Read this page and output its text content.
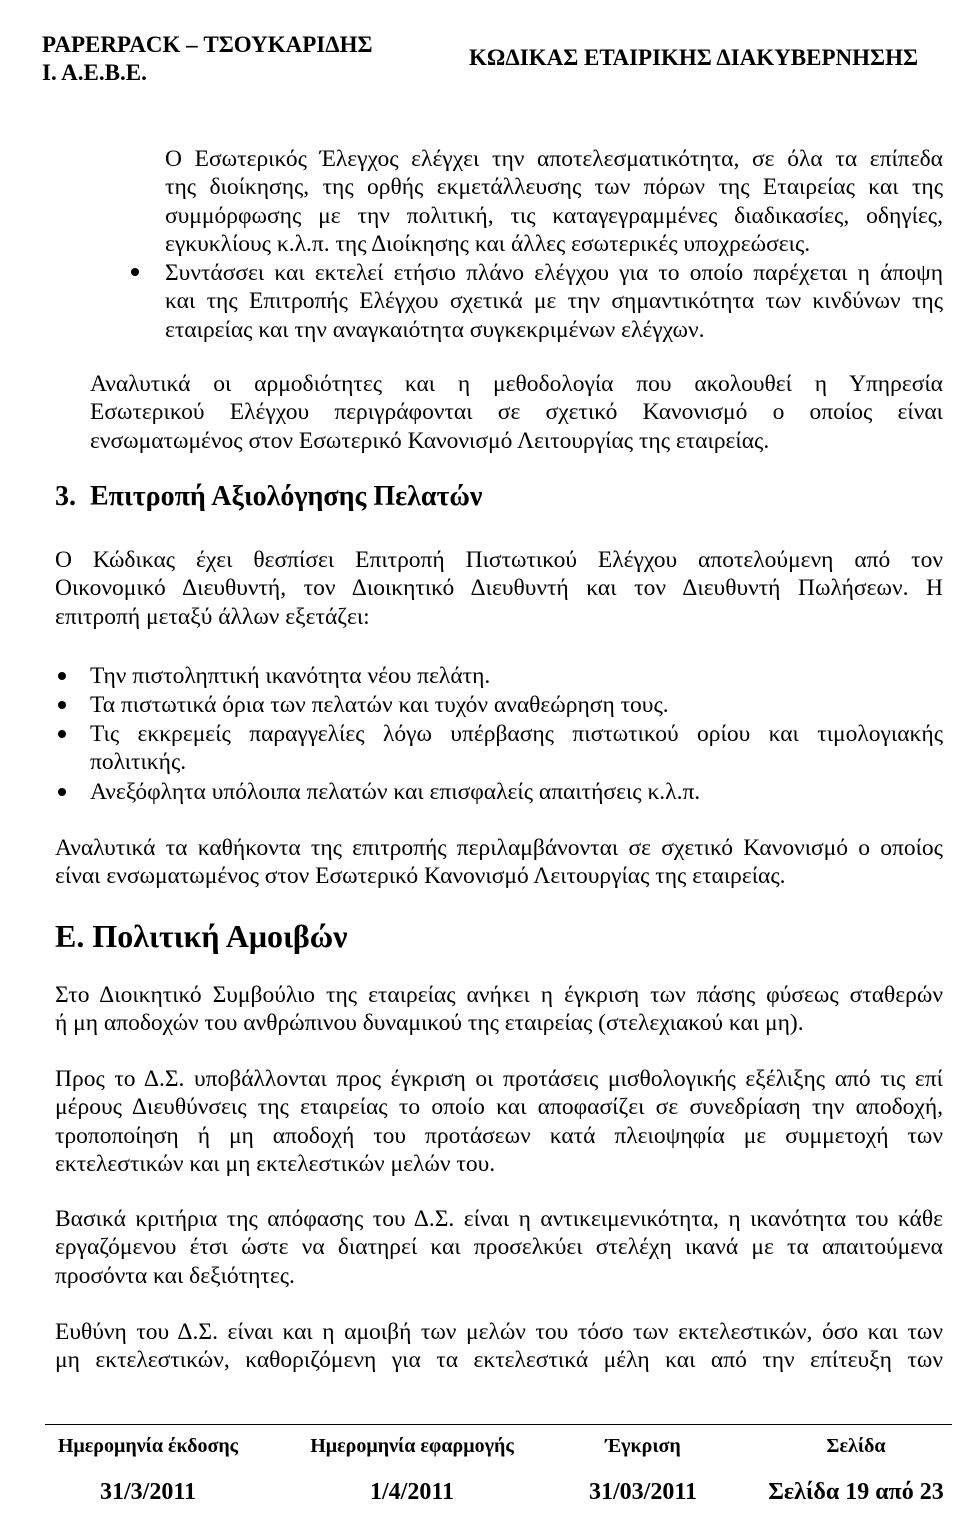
PAPERPACK – ΤΣΟΥΚΑΡΙΔΗΣ
Ι. Α.Ε.Β.Ε.
ΚΩΔΙΚΑΣ ΕΤΑΙΡΙΚΗΣ ΔΙΑΚΥΒΕΡΝΗΣΗΣ
Ο Εσωτερικός Έλεγχος ελέγχει την αποτελεσματικότητα, σε όλα τα επίπεδα
της διοίκησης, της ορθής εκμετάλλευσης των πόρων της Εταιρείας και της
συμμόρφωσης με την πολιτική, τις καταγεγραμμένες διαδικασίες, οδηγίες,
εγκυκλίους κ.λ.π. της Διοίκησης και άλλες εσωτερικές υποχρεώσεις.
Συντάσσει και εκτελεί ετήσιο πλάνο ελέγχου για το οποίο παρέχεται η άποψη
και της Επιτροπής Ελέγχου σχετικά με την σημαντικότητα των κινδύνων της
εταιρείας και την αναγκαιότητα συγκεκριμένων ελέγχων.
Αναλυτικά οι αρμοδιότητες και η μεθοδολογία που ακολουθεί η Υπηρεσία
Εσωτερικού Ελέγχου περιγράφονται σε σχετικό Κανονισμό ο οποίος είναι
ενσωματωμένος στον Εσωτερικό Κανονισμό Λειτουργίας της εταιρείας.
3. Επιτροπή Αξιολόγησης Πελατών
Ο Κώδικας έχει θεσπίσει Επιτροπή Πιστωτικού Ελέγχου αποτελούμενη από τον
Οικονομικό Διευθυντή, τον Διοικητικό Διευθυντή και τον Διευθυντή Πωλήσεων. Η
επιτροπή μεταξύ άλλων εξετάζει:
Την πιστοληπτική ικανότητα νέου πελάτη.
Τα πιστωτικά όρια των πελατών και τυχόν αναθεώρηση τους.
Τις εκκρεμείς παραγγελίες λόγω υπέρβασης πιστωτικού ορίου και τιμολογιακής
πολιτικής.
Ανεξόφλητα υπόλοιπα πελατών και επισφαλείς απαιτήσεις κ.λ.π.
Αναλυτικά τα καθήκοντα της επιτροπής περιλαμβάνονται σε σχετικό Κανονισμό ο οποίος
είναι ενσωματωμένος στον Εσωτερικό Κανονισμό Λειτουργίας της εταιρείας.
Ε. Πολιτική Αμοιβών
Στο Διοικητικό Συμβούλιο της εταιρείας ανήκει η έγκριση των πάσης φύσεως σταθερών
ή μη αποδοχών του ανθρώπινου δυναμικού της εταιρείας (στελεχιακού και μη).
Προς το Δ.Σ. υποβάλλονται προς έγκριση οι προτάσεις μισθολογικής εξέλιξης από τις επί
μέρους Διευθύνσεις της εταιρείας το οποίο και αποφασίζει σε συνεδρίαση την αποδοχή,
τροποποίηση ή μη αποδοχή του προτάσεων κατά πλειοψηφία με συμμετοχή των
εκτελεστικών και μη εκτελεστικών μελών του.
Βασικά κριτήρια της απόφασης του Δ.Σ. είναι η αντικειμενικότητα, η ικανότητα του κάθε
εργαζόμενου έτσι ώστε να διατηρεί και προσελκύει στελέχη ικανά με τα απαιτούμενα
προσόντα και δεξιότητες.
Ευθύνη του Δ.Σ. είναι και η αμοιβή των μελών του τόσο των εκτελεστικών, όσο και των
μη εκτελεστικών, καθοριζόμενη για τα εκτελεστικά μέλη και από την επίτευξη των
Ημερομηνία έκδοσης	Ημερομηνία εφαρμογής	Έγκριση	Σελίδα
31/3/2011	1/4/2011	31/03/2011	Σελίδα 19 από 23
